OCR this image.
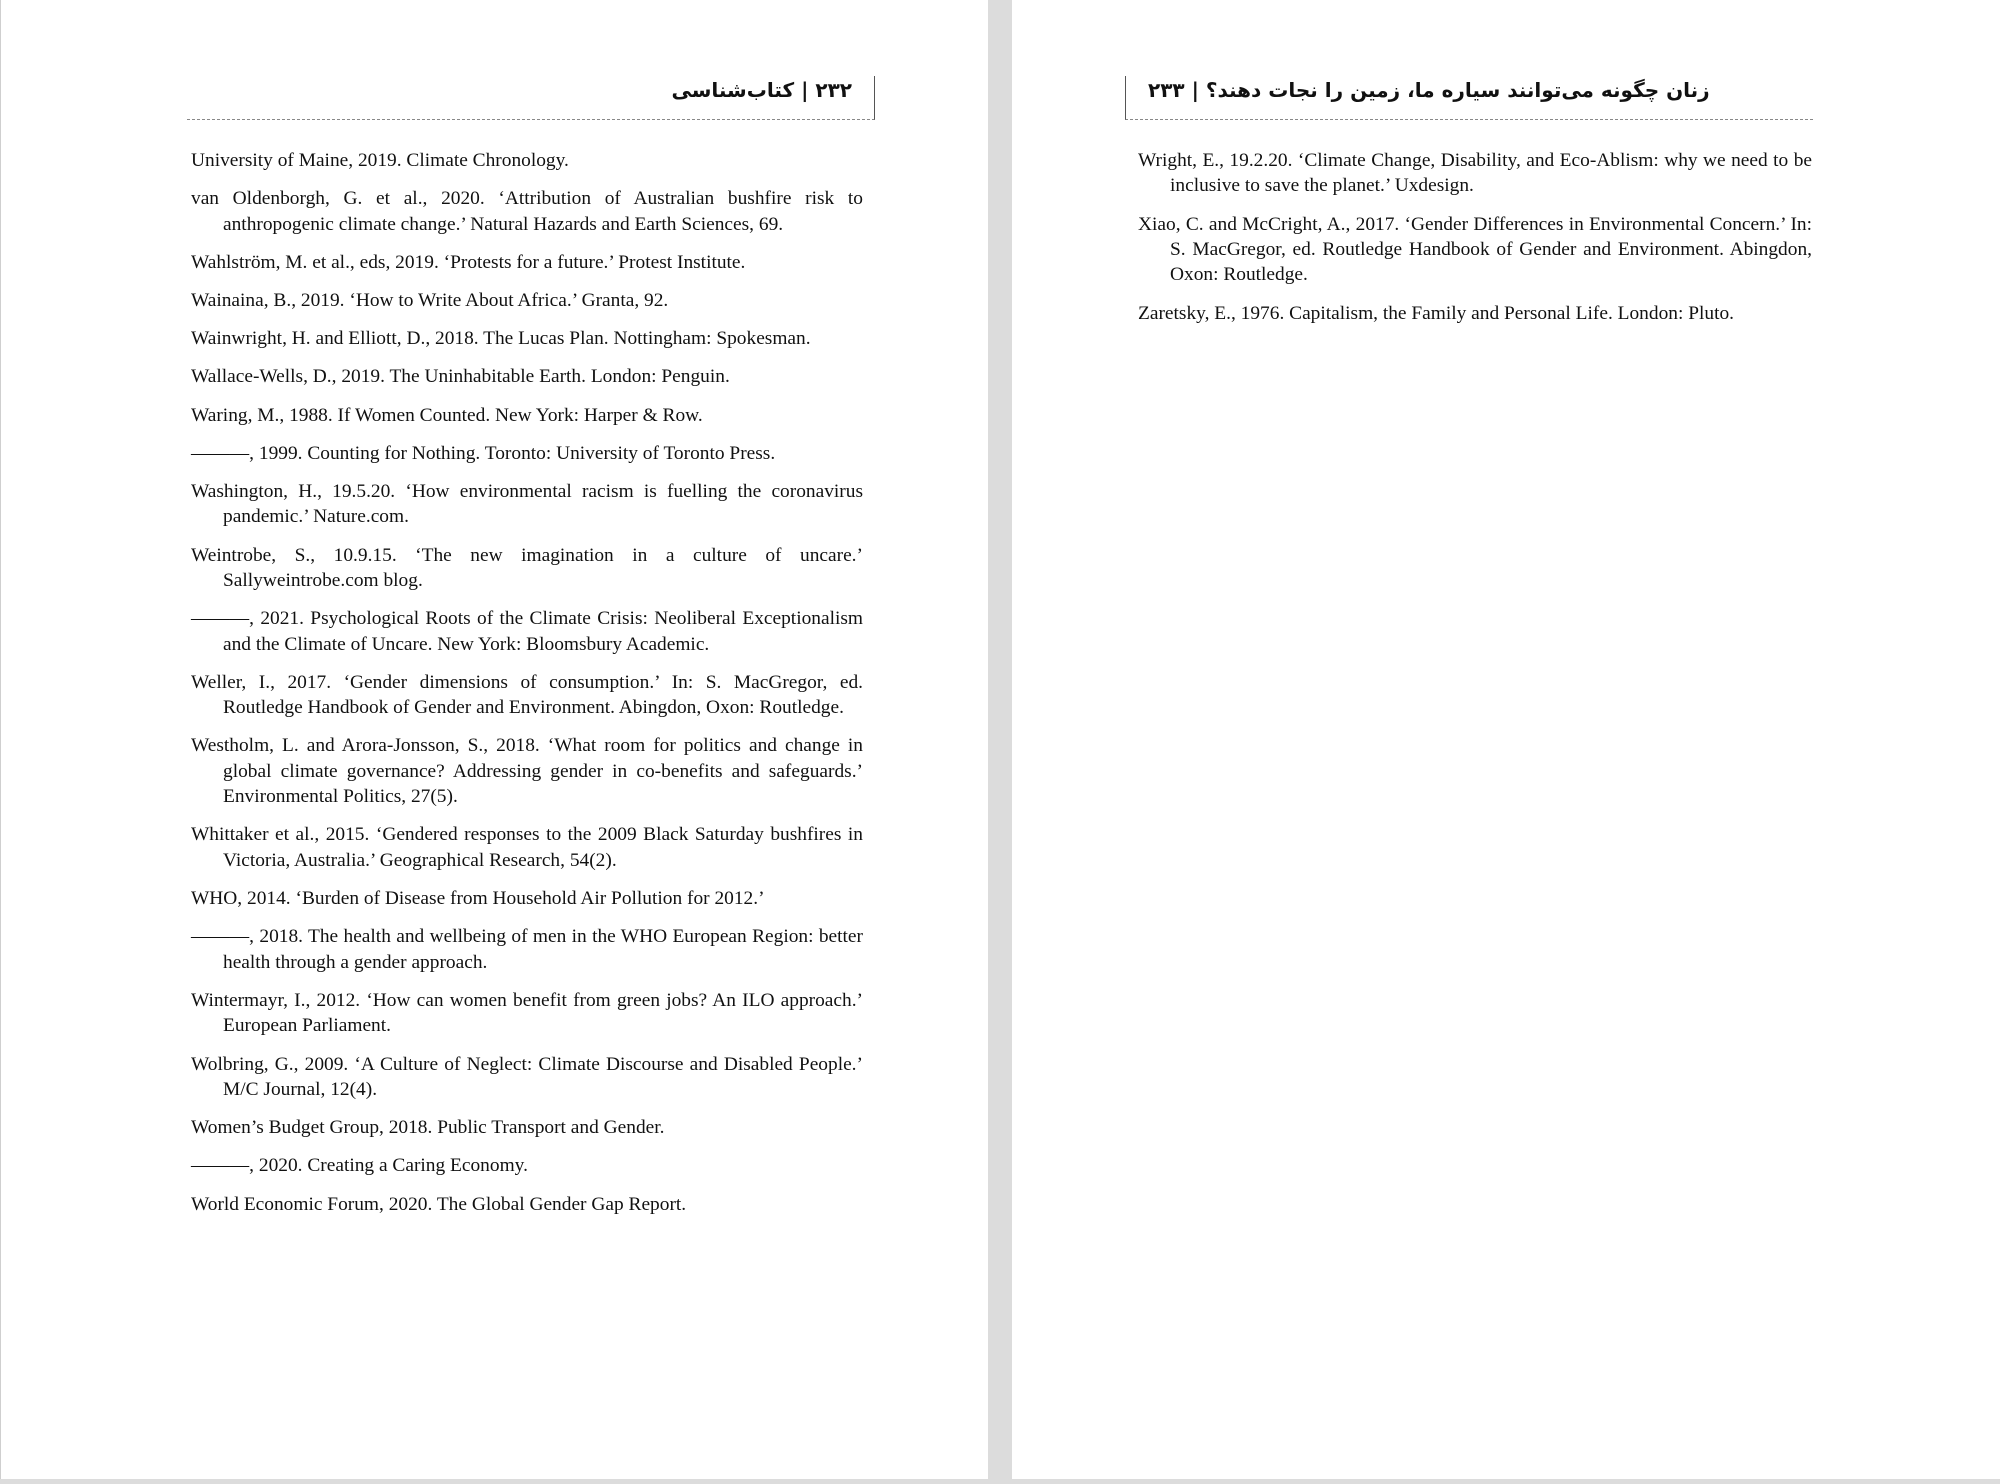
۲۳۲ | کتاب‌شناسی

University of Maine, 2019. Climate Chronology.

van Oldenborgh, G. et al., 2020. ‘Attribution of Australian bushfire risk to anthropogenic climate change.’ Natural Hazards and Earth Sciences, 69.

Wahlström, M. et al., eds, 2019. ‘Protests for a future.’ Protest Institute.

Wainaina, B., 2019. ‘How to Write About Africa.’ Granta, 92.

Wainwright, H. and Elliott, D., 2018. The Lucas Plan. Nottingham: Spokesman.

Wallace-Wells, D., 2019. The Uninhabitable Earth. London: Penguin.

Waring, M., 1988. If Women Counted. New York: Harper & Row.

———, 1999. Counting for Nothing. Toronto: University of Toronto Press.

Washington, H., 19.5.20. ‘How environmental racism is fuelling the coronavirus pandemic.’ Nature.com.

Weintrobe, S., 10.9.15. ‘The new imagination in a culture of uncare.’ Sallyweintrobe.com blog.

———, 2021. Psychological Roots of the Climate Crisis: Neoliberal Exceptionalism and the Climate of Uncare. New York: Bloomsbury Academic.

Weller, I., 2017. ‘Gender dimensions of consumption.’ In: S. MacGregor, ed. Routledge Handbook of Gender and Environment. Abingdon, Oxon: Routledge.

Westholm, L. and Arora-Jonsson, S., 2018. ‘What room for politics and change in global climate governance? Addressing gender in co-benefits and safeguards.’ Environmental Politics, 27(5).

Whittaker et al., 2015. ‘Gendered responses to the 2009 Black Saturday bushfires in Victoria, Australia.’ Geographical Research, 54(2).

WHO, 2014. ‘Burden of Disease from Household Air Pollution for 2012.’

———, 2018. The health and wellbeing of men in the WHO European Region: better health through a gender approach.

Wintermayr, I., 2012. ‘How can women benefit from green jobs? An ILO approach.’ European Parliament.

Wolbring, G., 2009. ‘A Culture of Neglect: Climate Discourse and Disabled People.’ M/C Journal, 12(4).

Women’s Budget Group, 2018. Public Transport and Gender.

———, 2020. Creating a Caring Economy.

World Economic Forum, 2020. The Global Gender Gap Report.

زنان چگونه می‌توانند سیاره ما، زمین را نجات دهند؟ | ۲۳۳

Wright, E., 19.2.20. ‘Climate Change, Disability, and Eco-Ablism: why we need to be inclusive to save the planet.’ Uxdesign.

Xiao, C. and McCright, A., 2017. ‘Gender Differences in Environmental Concern.’ In: S. MacGregor, ed. Routledge Handbook of Gender and Environment. Abingdon, Oxon: Routledge.

Zaretsky, E., 1976. Capitalism, the Family and Personal Life. London: Pluto.
